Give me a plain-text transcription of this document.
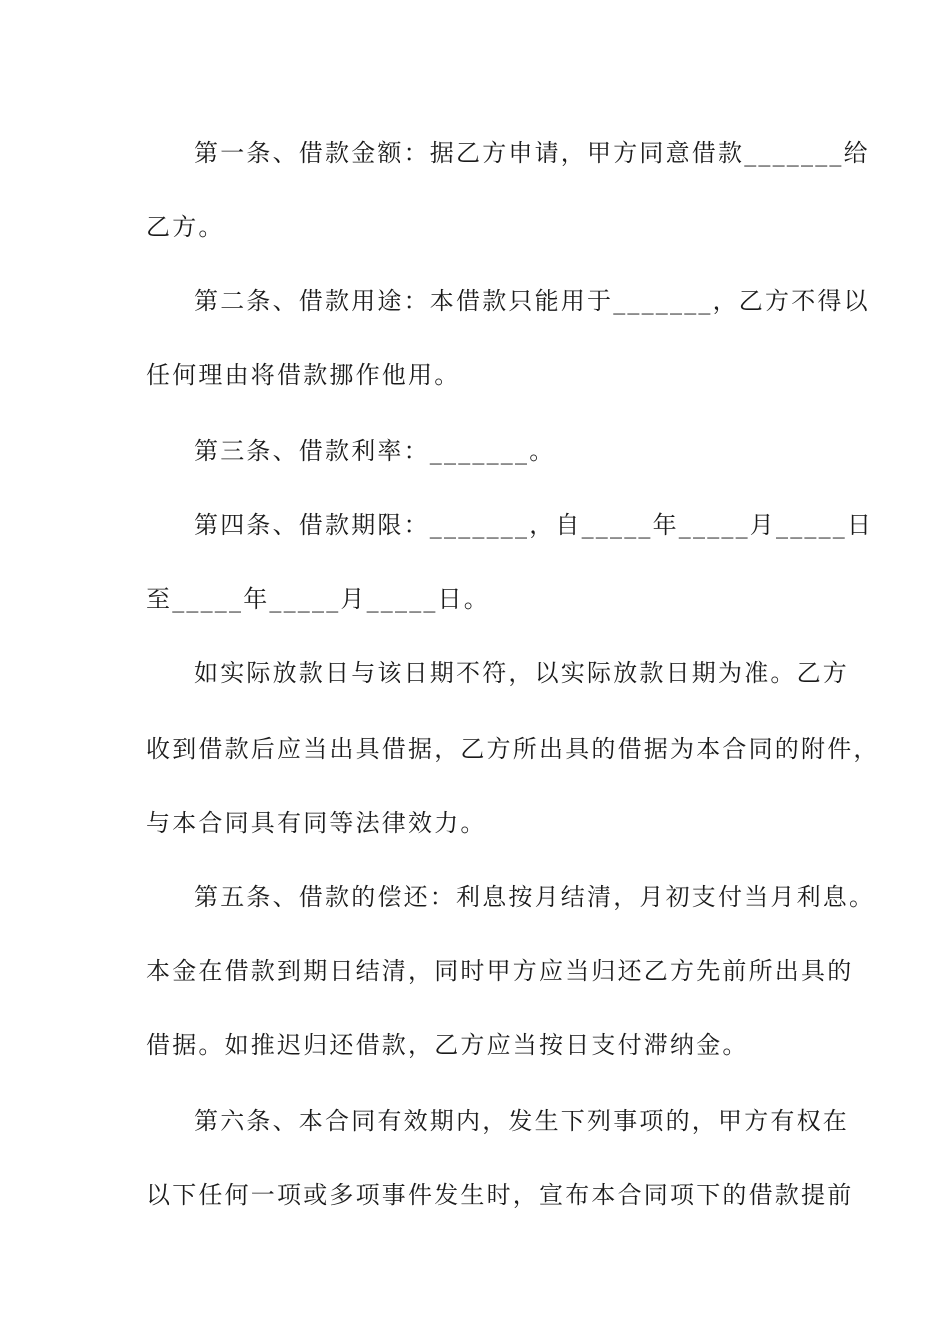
第一条、借款金额：据乙方申请，甲方同意借款_______给
乙方。
第二条、借款用途：本借款只能用于_______，乙方不得以
任何理由将借款挪作他用。
第三条、借款利率：_______。
第四条、借款期限：_______，自_____年_____月_____日
至_____年_____月_____日。
如实际放款日与该日期不符，以实际放款日期为准。乙方
收到借款后应当出具借据，乙方所出具的借据为本合同的附件，
与本合同具有同等法律效力。
第五条、借款的偿还：利息按月结清，月初支付当月利息。
本金在借款到期日结清，同时甲方应当归还乙方先前所出具的
借据。如推迟归还借款，乙方应当按日支付滞纳金。
第六条、本合同有效期内，发生下列事项的，甲方有权在
以下任何一项或多项事件发生时，宣布本合同项下的借款提前
